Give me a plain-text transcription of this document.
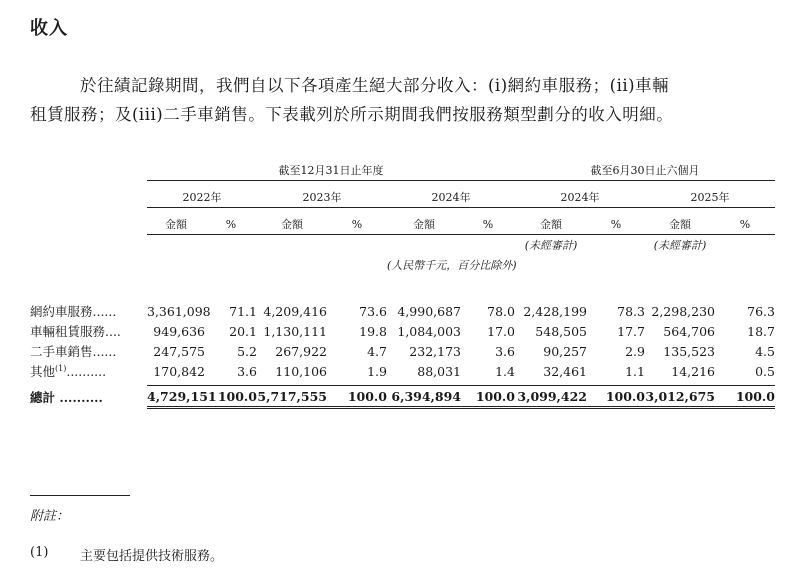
收入
於往績記錄期間，我們自以下各項產生絕大部分收入：(i)網約車服務；(ii)車輛
租賃服務；及(iii)二手車銷售。下表載列於所示期間我們按服務類型劃分的收入明細。
	截至12月31日止年度						截至6月30日止六個月			

	2022年		2023年		2024年		2024年		2025年	

	金額	%	金額	%	金額	%	金額	%	金額	%
							(未經審計)		(未經審計)	
					(人民幣千元，百分比除外)					

網約車服務......	3,361,098	71.1	4,209,416	73.6	4,990,687	78.0	2,428,199	78.3	2,298,230	76.3
車輛租賃服務....	949,636	20.1	1,130,111	19.8	1,084,003	17.0	548,505	17.7	564,706	18.7
二手車銷售......	247,575	5.2	267,922	4.7	232,173	3.6	90,257	2.9	135,523	4.5
其他$^{(1)}$..........	170,842	3.6	110,106	1.9	88,031	1.4	32,461	1.1	14,216	0.5

總計 ..........	4,729,151	100.0	5,717,555	100.0	6,394,894	100.0	3,099,422	100.0	3,012,675	100.0
附註：
(1) 主要包括提供技術服務。
